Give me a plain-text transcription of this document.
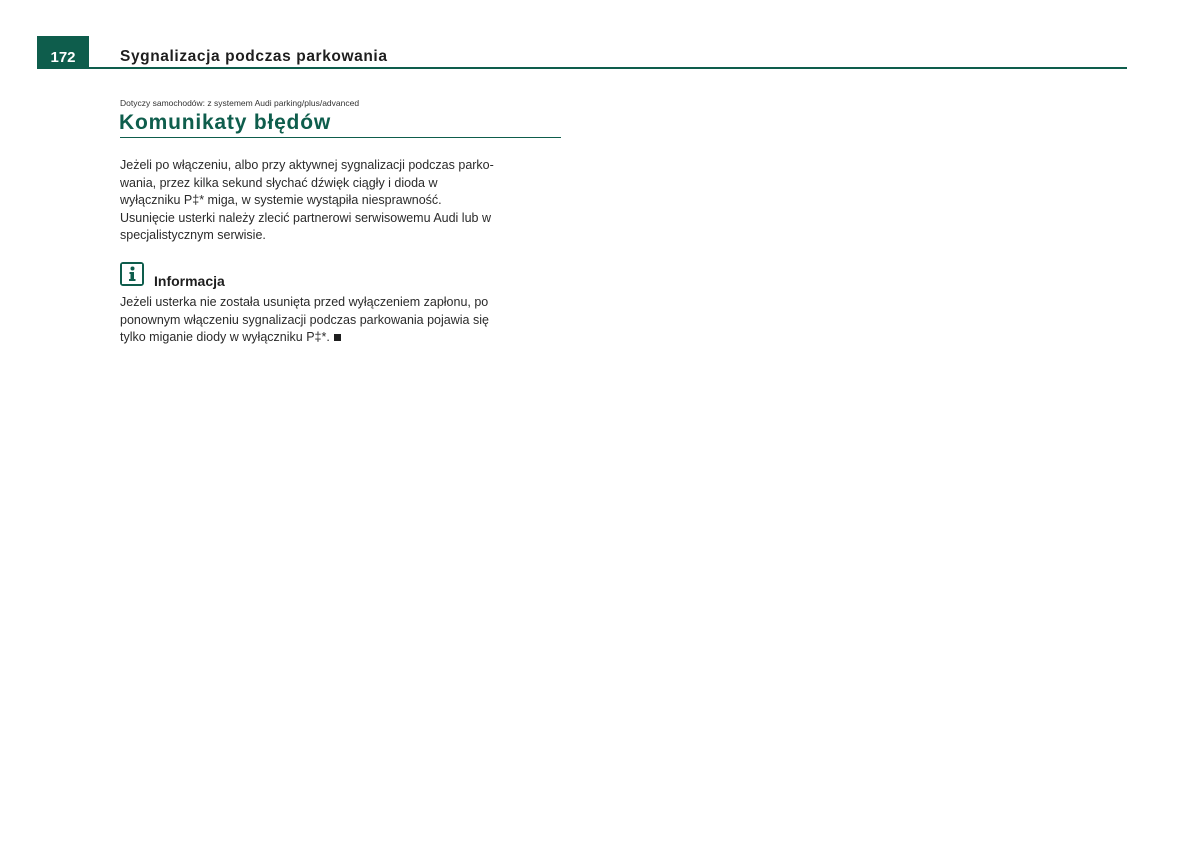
172	Sygnalizacja podczas parkowania
Dotyczy samochodów: z systemem Audi parking/plus/advanced
Komunikaty błędów
Jeżeli po włączeniu, albo przy aktywnej sygnalizacji podczas parko-
wania, przez kilka sekund słychać dźwięk ciągły i dioda w
wyłączniku P‡* miga, w systemie wystąpiła niesprawność.
Usunięcie usterki należy zlecić partnerowi serwisowemu Audi lub w
specjalistycznym serwisie.
Informacja
Jeżeli usterka nie została usunięta przed wyłączeniem zapłonu, po
ponownym włączeniu sygnalizacji podczas parkowania pojawia się
tylko miganie diody w wyłączniku P‡*.
